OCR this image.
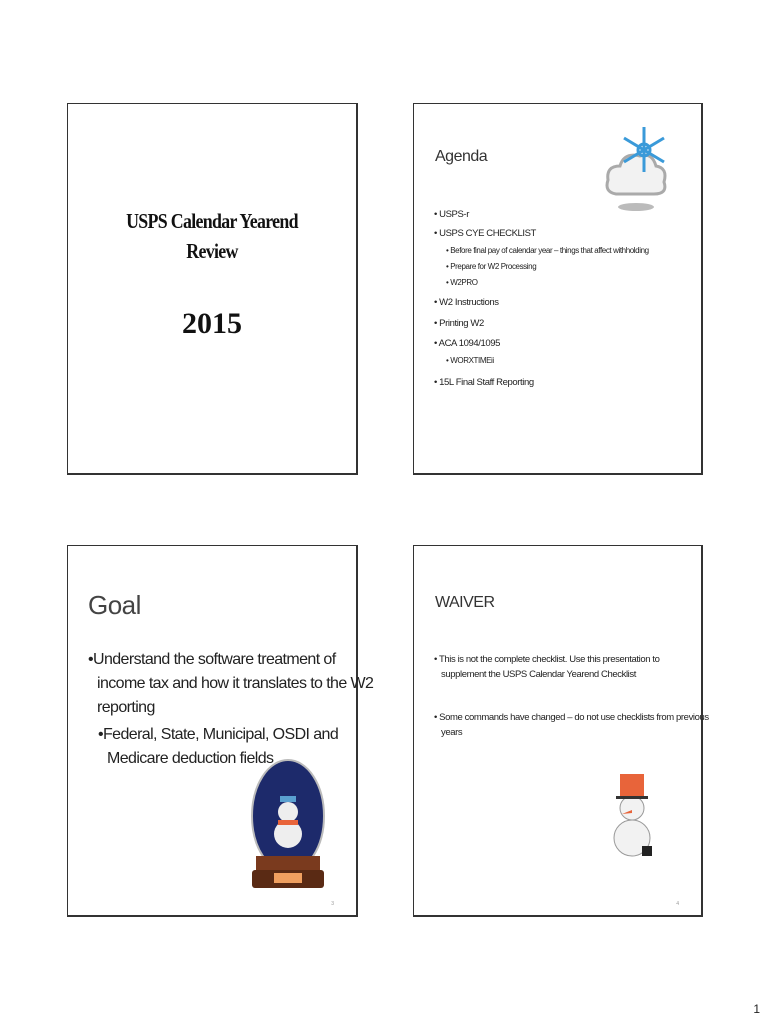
USPS Calendar Yearend
Review
2015
Agenda
• USPS-r
• USPS CYE CHECKLIST
• Before final pay of calendar year – things that affect withholding
• Prepare for W2 Processing
• W2PRO
• W2 Instructions
• Printing W2
• ACA 1094/1095
• WORXTIMEii
• 15L Final Staff Reporting
Goal
•Understand the software treatment of
income tax and how it translates to the W2
reporting
•Federal, State, Municipal, OSDI and
Medicare deduction fields
3
WAIVER
• This is not the complete checklist. Use this presentation to
supplement the USPS Calendar Yearend Checklist
• Some commands have changed – do not use checklists from previous
years
4
1
